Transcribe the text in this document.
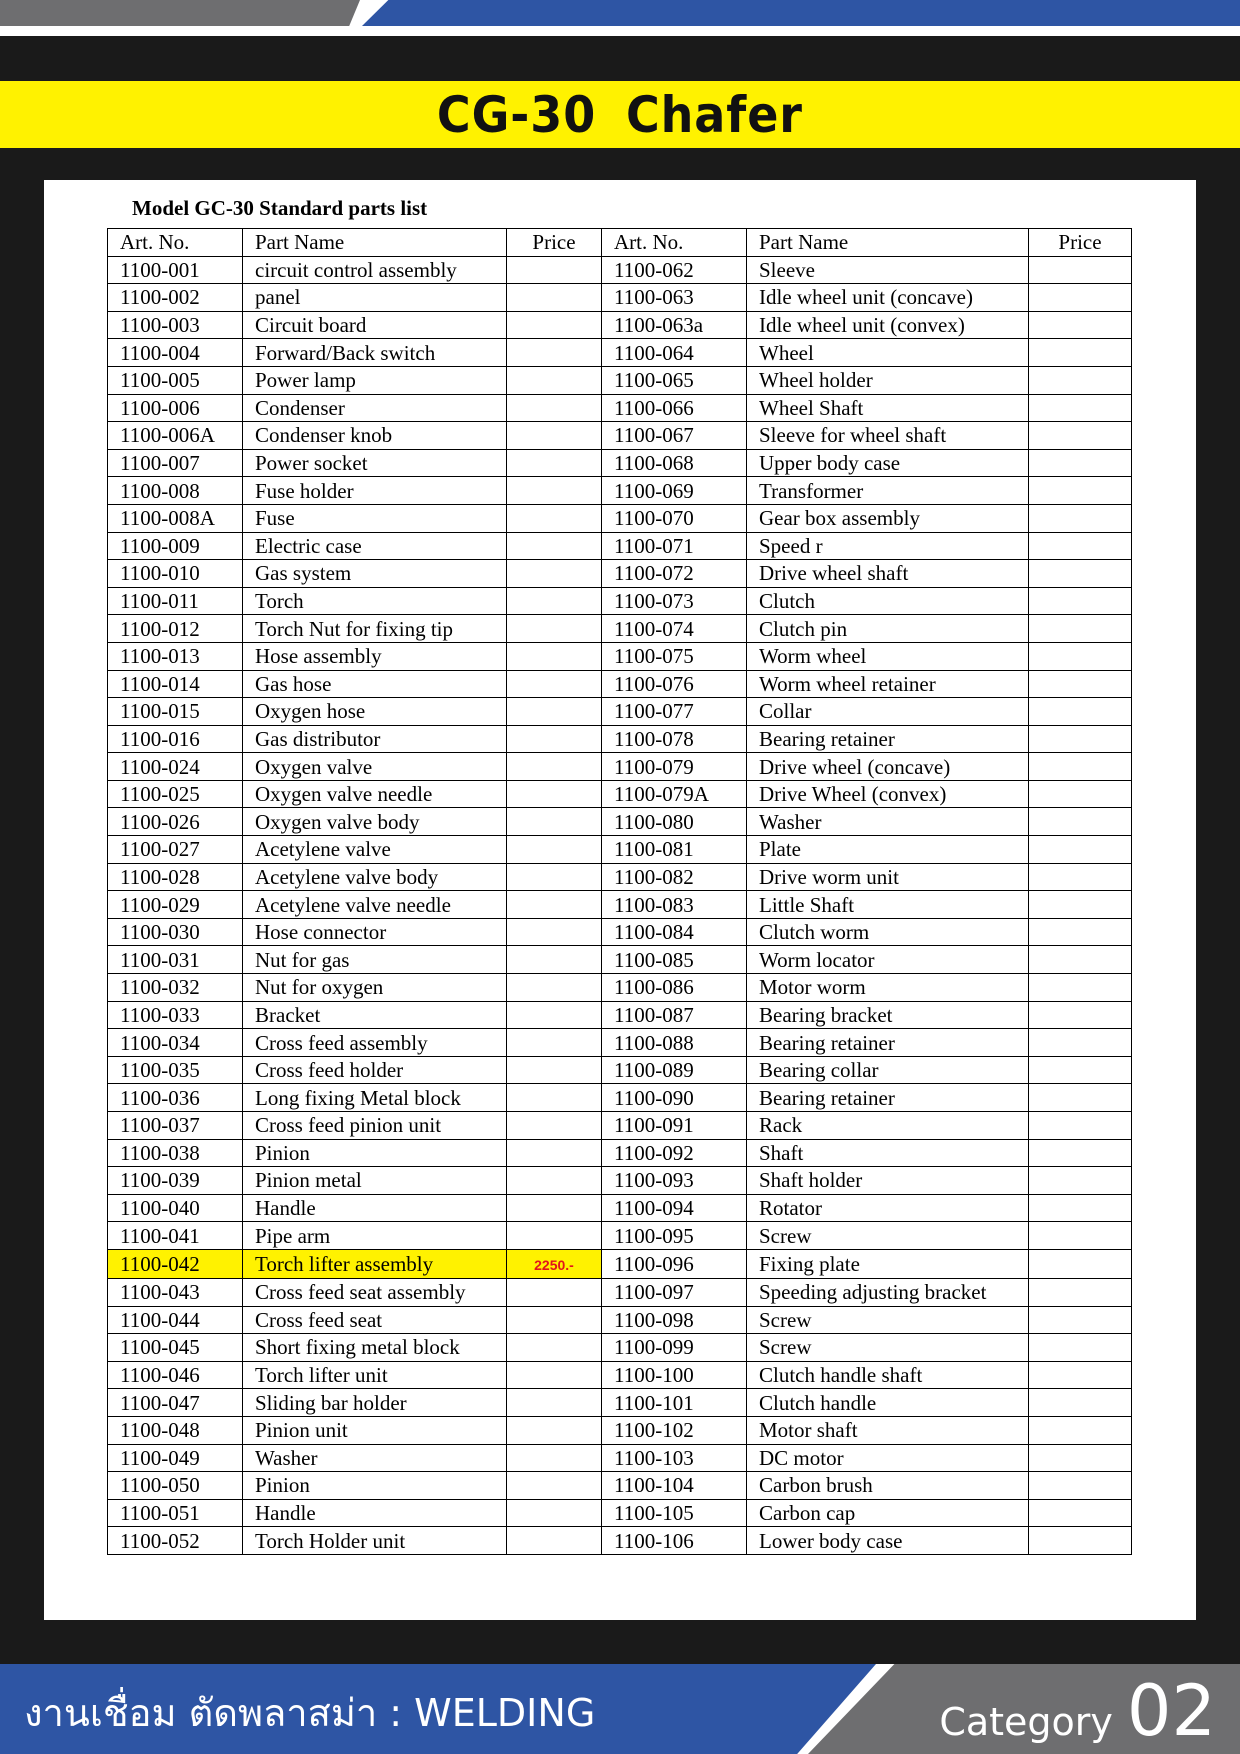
CG-30 Chafer
Model GC-30 Standard parts list
Art. No.	Part Name	Price	Art. No.	Part Name	Price
1100-001	circuit control assembly		1100-062	Sleeve	
1100-002	panel		1100-063	Idle wheel unit (concave)	
1100-003	Circuit board		1100-063a	Idle wheel unit (convex)	
1100-004	Forward/Back switch		1100-064	Wheel	
1100-005	Power lamp		1100-065	Wheel holder	
1100-006	Condenser		1100-066	Wheel Shaft	
1100-006A	Condenser knob		1100-067	Sleeve for wheel shaft	
1100-007	Power socket		1100-068	Upper body case	
1100-008	Fuse holder		1100-069	Transformer	
1100-008A	Fuse		1100-070	Gear box assembly	
1100-009	Electric case		1100-071	Speed r	
1100-010	Gas system		1100-072	Drive wheel shaft	
1100-011	Torch		1100-073	Clutch	
1100-012	Torch Nut for fixing tip		1100-074	Clutch pin	
1100-013	Hose assembly		1100-075	Worm wheel	
1100-014	Gas hose		1100-076	Worm wheel retainer	
1100-015	Oxygen hose		1100-077	Collar	
1100-016	Gas distributor		1100-078	Bearing retainer	
1100-024	Oxygen valve		1100-079	Drive wheel (concave)	
1100-025	Oxygen valve needle		1100-079A	Drive Wheel (convex)	
1100-026	Oxygen valve body		1100-080	Washer	
1100-027	Acetylene valve		1100-081	Plate	
1100-028	Acetylene valve body		1100-082	Drive worm unit	
1100-029	Acetylene valve needle		1100-083	Little Shaft	
1100-030	Hose connector		1100-084	Clutch worm	
1100-031	Nut for gas		1100-085	Worm locator	
1100-032	Nut for oxygen		1100-086	Motor worm	
1100-033	Bracket		1100-087	Bearing bracket	
1100-034	Cross feed assembly		1100-088	Bearing retainer	
1100-035	Cross feed holder		1100-089	Bearing collar	
1100-036	Long fixing Metal block		1100-090	Bearing retainer	
1100-037	Cross feed pinion unit		1100-091	Rack	
1100-038	Pinion		1100-092	Shaft	
1100-039	Pinion metal		1100-093	Shaft holder	
1100-040	Handle		1100-094	Rotator	
1100-041	Pipe arm		1100-095	Screw	
1100-042	Torch lifter assembly	2250.-	1100-096	Fixing plate	
1100-043	Cross feed seat assembly		1100-097	Speeding adjusting bracket	
1100-044	Cross feed seat		1100-098	Screw	
1100-045	Short fixing metal block		1100-099	Screw	
1100-046	Torch lifter unit		1100-100	Clutch handle shaft	
1100-047	Sliding bar holder		1100-101	Clutch handle	
1100-048	Pinion unit		1100-102	Motor shaft	
1100-049	Washer		1100-103	DC motor	
1100-050	Pinion		1100-104	Carbon brush	
1100-051	Handle		1100-105	Carbon cap	
1100-052	Torch Holder unit		1100-106	Lower body case	
งานเชื่อม ตัดพลาสม่า : WELDING	Category 02
